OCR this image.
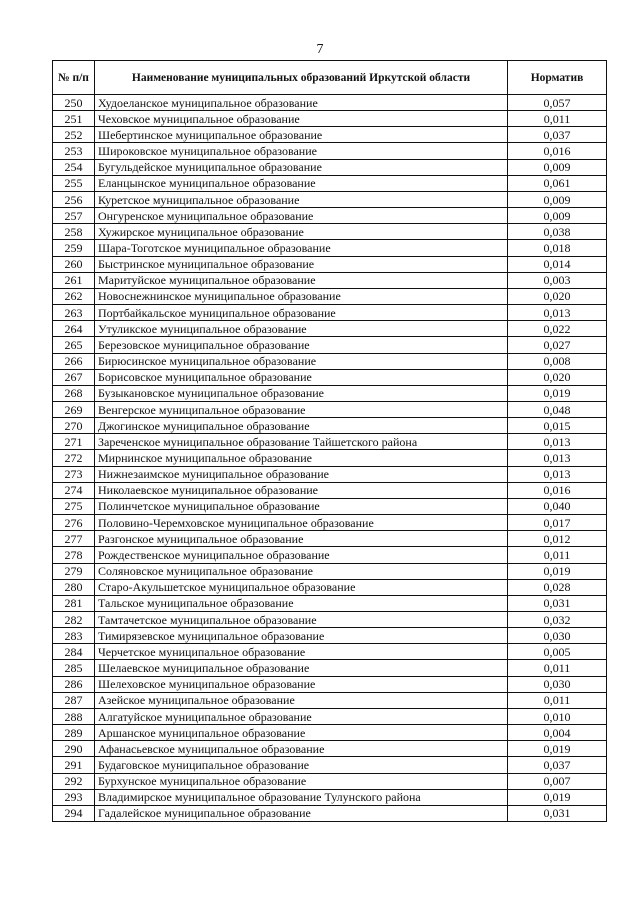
7
№ п/п	Наименование муниципальных образований Иркутской области	Норматив
250	Худоеланское муниципальное образование	0,057
251	Чеховское муниципальное образование	0,011
252	Шебертинское муниципальное образование	0,037
253	Широковское муниципальное образование	0,016
254	Бугульдейское муниципальное образование	0,009
255	Еланцынское муниципальное образование	0,061
256	Куретское муниципальное образование	0,009
257	Онгуренское муниципальное образование	0,009
258	Хужирское муниципальное образование	0,038
259	Шара-Тоготское муниципальное образование	0,018
260	Быстринское муниципальное образование	0,014
261	Маритуйское муниципальное образование	0,003
262	Новоснежнинское муниципальное образование	0,020
263	Портбайкальское муниципальное образование	0,013
264	Утуликское муниципальное образование	0,022
265	Березовское муниципальное образование	0,027
266	Бирюсинское муниципальное образование	0,008
267	Борисовское муниципальное образование	0,020
268	Бузыкановское муниципальное образование	0,019
269	Венгерское муниципальное образование	0,048
270	Джогинское муниципальное образование	0,015
271	Зареченское муниципальное образование Тайшетского района	0,013
272	Мирнинское муниципальное образование	0,013
273	Нижнезаимское муниципальное образование	0,013
274	Николаевское муниципальное образование	0,016
275	Полинчетское муниципальное образование	0,040
276	Половино-Черемховское муниципальное образование	0,017
277	Разгонское муниципальное образование	0,012
278	Рождественское муниципальное образование	0,011
279	Соляновское муниципальное образование	0,019
280	Старо-Акульшетское муниципальное образование	0,028
281	Тальское муниципальное образование	0,031
282	Тамтачетское муниципальное образование	0,032
283	Тимирязевское муниципальное образование	0,030
284	Черчетское муниципальное образование	0,005
285	Шелаевское муниципальное образование	0,011
286	Шелеховское муниципальное образование	0,030
287	Азейское муниципальное образование	0,011
288	Алгатуйское муниципальное образование	0,010
289	Аршанское муниципальное образование	0,004
290	Афанасьевское муниципальное образование	0,019
291	Будаговское муниципальное образование	0,037
292	Бурхунское муниципальное образование	0,007
293	Владимирское муниципальное образование Тулунского района	0,019
294	Гадалейское муниципальное образование	0,031
